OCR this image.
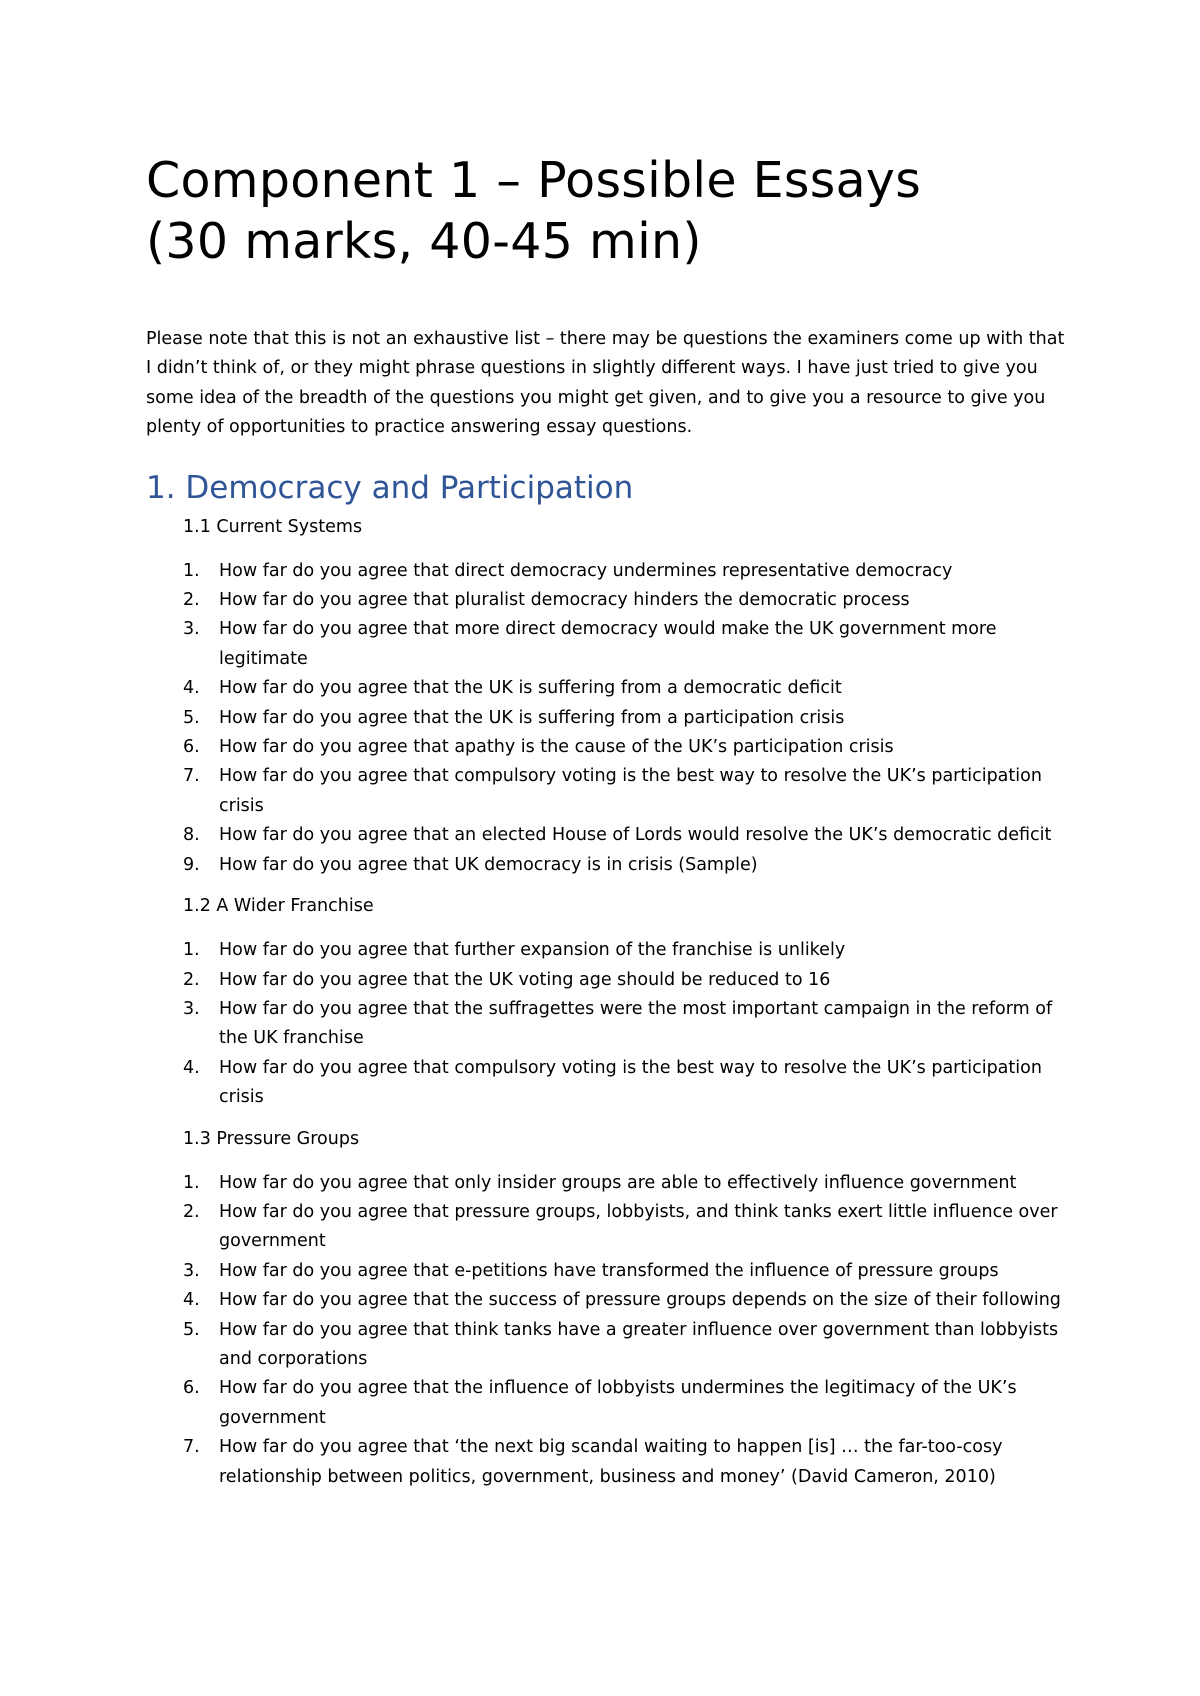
Component 1 – Possible Essays
(30 marks, 40-45 min)

Please note that this is not an exhaustive list – there may be questions the examiners come up with that I didn’t think of, or they might phrase questions in slightly different ways. I have just tried to give you some idea of the breadth of the questions you might get given, and to give you a resource to give you plenty of opportunities to practice answering essay questions.

1. Democracy and Participation
1.1 Current Systems
1. How far do you agree that direct democracy undermines representative democracy
2. How far do you agree that pluralist democracy hinders the democratic process
3. How far do you agree that more direct democracy would make the UK government more legitimate
4. How far do you agree that the UK is suffering from a democratic deficit
5. How far do you agree that the UK is suffering from a participation crisis
6. How far do you agree that apathy is the cause of the UK’s participation crisis
7. How far do you agree that compulsory voting is the best way to resolve the UK’s participation crisis
8. How far do you agree that an elected House of Lords would resolve the UK’s democratic deficit
9. How far do you agree that UK democracy is in crisis (Sample)
1.2 A Wider Franchise
1. How far do you agree that further expansion of the franchise is unlikely
2. How far do you agree that the UK voting age should be reduced to 16
3. How far do you agree that the suffragettes were the most important campaign in the reform of the UK franchise
4. How far do you agree that compulsory voting is the best way to resolve the UK’s participation crisis
1.3 Pressure Groups
1. How far do you agree that only insider groups are able to effectively influence government
2. How far do you agree that pressure groups, lobbyists, and think tanks exert little influence over government
3. How far do you agree that e-petitions have transformed the influence of pressure groups
4. How far do you agree that the success of pressure groups depends on the size of their following
5. How far do you agree that think tanks have a greater influence over government than lobbyists and corporations
6. How far do you agree that the influence of lobbyists undermines the legitimacy of the UK’s government
7. How far do you agree that ‘the next big scandal waiting to happen [is] … the far-too-cosy relationship between politics, government, business and money’ (David Cameron, 2010)
